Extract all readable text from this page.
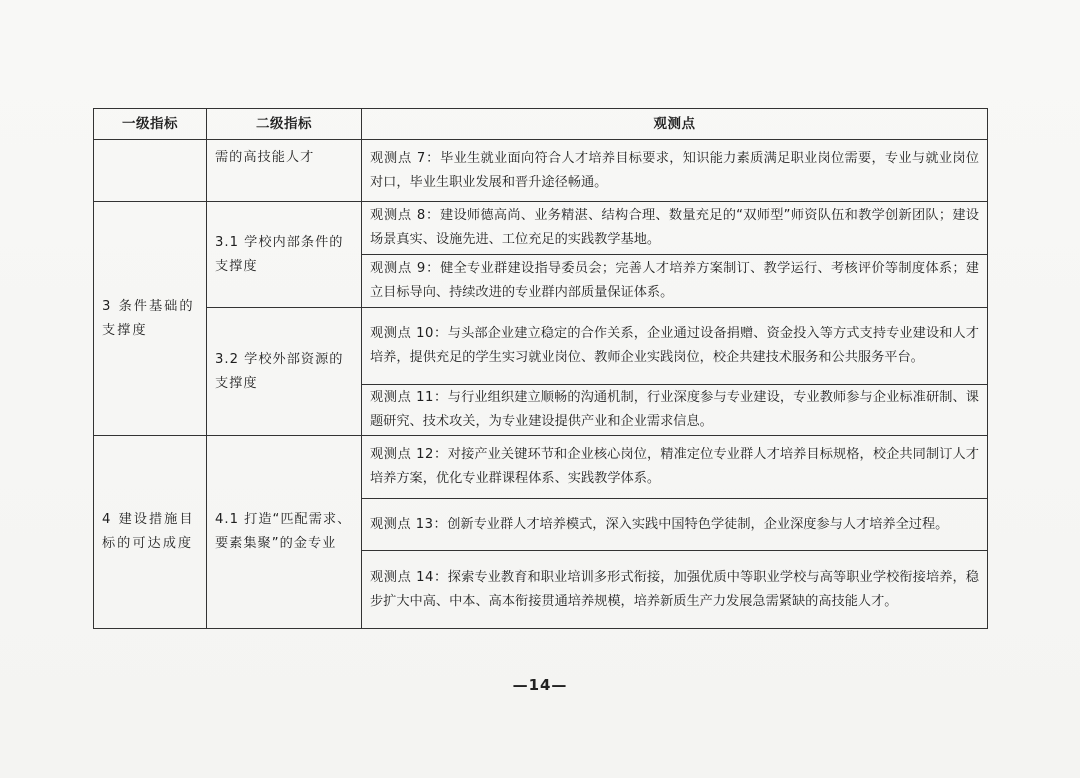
一级指标	二级指标	观测点
	需的高技能人才	观测点 7：毕业生就业面向符合人才培养目标要求，知识能力素质满足职业岗位需要，专业与就业岗位对口，毕业生职业发展和晋升途径畅通。
3 条件基础的支撑度	3.1 学校内部条件的支撑度	观测点 8：建设师德高尚、业务精湛、结构合理、数量充足的“双师型”师资队伍和教学创新团队；建设场景真实、设施先进、工位充足的实践教学基地。
		观测点 9：健全专业群建设指导委员会；完善人才培养方案制订、教学运行、考核评价等制度体系；建立目标导向、持续改进的专业群内部质量保证体系。
	3.2 学校外部资源的支撑度	观测点 10：与头部企业建立稳定的合作关系，企业通过设备捐赠、资金投入等方式支持专业建设和人才培养，提供充足的学生实习就业岗位、教师企业实践岗位，校企共建技术服务和公共服务平台。
		观测点 11：与行业组织建立顺畅的沟通机制，行业深度参与专业建设，专业教师参与企业标准研制、课题研究、技术攻关，为专业建设提供产业和企业需求信息。
4 建设措施目标的可达成度	4.1 打造“匹配需求、要素集聚”的金专业	观测点 12：对接产业关键环节和企业核心岗位，精准定位专业群人才培养目标规格，校企共同制订人才培养方案，优化专业群课程体系、实践教学体系。
		观测点 13：创新专业群人才培养模式，深入实践中国特色学徒制，企业深度参与人才培养全过程。
		观测点 14：探索专业教育和职业培训多形式衔接，加强优质中等职业学校与高等职业学校衔接培养，稳步扩大中高、中本、高本衔接贯通培养规模，培养新质生产力发展急需紧缺的高技能人才。
—14—
